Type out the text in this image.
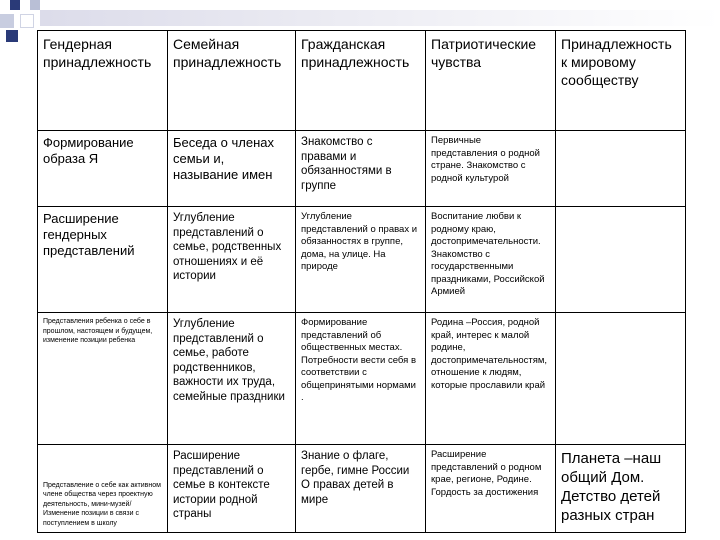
Гендерная принадлежность	Семейная принадлежность	Гражданская принадлежность	Патриотические чувства	Принадлежность к мировому сообществу
Формирование образа Я	Беседа о членах семьи и, называние имен	Знакомство с правами и обязанностями в группе	Первичные представления о родной стране. Знакомство с родной культурой	
Расширение гендерных представлений	Углубление представлений о семье, родственных отношениях и её истории	Углубление представлений о правах и обязанностях в группе, дома, на улице. На природе	Воспитание любви к родному краю, достопримечательности. Знакомство с государственными праздниками, Российской Армией	
Представления ребенка о себе в прошлом, настоящем и будущем, изменение позиции ребенка	Углубление представлений о семье, работе родственников, важности их труда, семейные праздники	Формирование представлений об общественных местах. Потребности вести себя в соответствии с общепринятыми нормами .	Родина –Россия, родной край, интерес к малой родине, достопримечательностям, отношение к людям, которые прославили край	
Представление о себе как активном члене общества через проектную деятельность, мини-музей/Изменение позиции в связи с поступлением в школу	Расширение представлений о семье в контексте истории родной страны	Знание о флаге, гербе, гимне России О правах детей в мире	Расширение представлений о родном крае, регионе, Родине. Гордость за достижения	Планета –наш общий Дом. Детство детей разных стран
